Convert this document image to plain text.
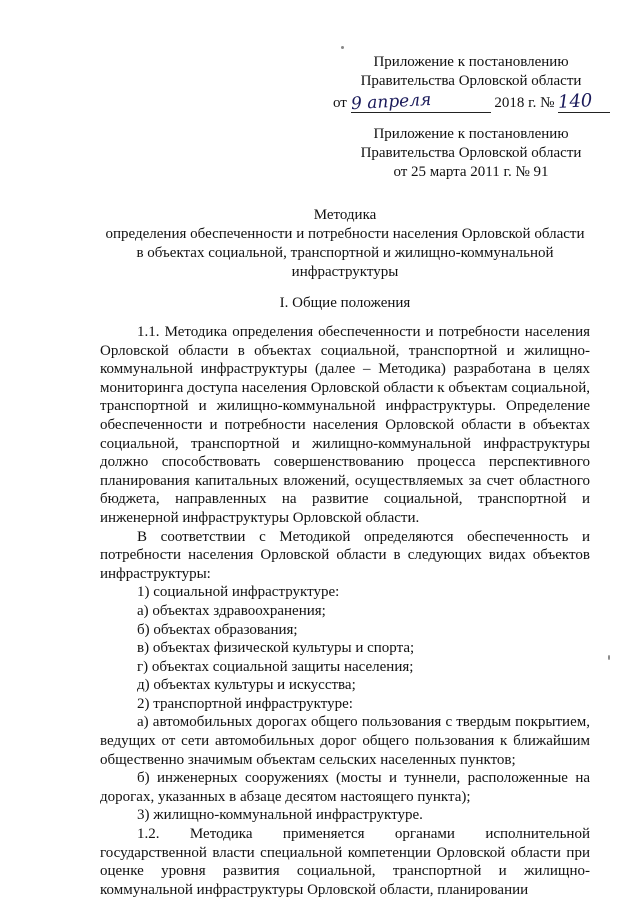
Приложение к постановлению
Правительства Орловской области
от 9 апреля	2018 г. № 140
Приложение к постановлению
Правительства Орловской области
от 25 марта 2011 г. № 91
Методика
определения обеспеченности и потребности населения Орловской области
в объектах социальной, транспортной и жилищно-коммунальной
инфраструктуры
I. Общие положения

1.1. Методика определения обеспеченности и потребности населения Орловской области в объектах социальной, транспортной и жилищно-коммунальной инфраструктуры (далее – Методика) разработана в целях мониторинга доступа населения Орловской области к объектам социальной, транспортной и жилищно-коммунальной инфраструктуры. Определение обеспеченности и потребности населения Орловской области в объектах социальной, транспортной и жилищно-коммунальной инфраструктуры должно способствовать совершенствованию процесса перспективного планирования капитальных вложений, осуществляемых за счет областного бюджета, направленных на развитие социальной, транспортной и инженерной инфраструктуры Орловской области.

В соответствии с Методикой определяются обеспеченность и потребности населения Орловской области в следующих видах объектов инфраструктуры:

1) социальной инфраструктуре:

а) объектах здравоохранения;

б) объектах образования;

в) объектах физической культуры и спорта;

г) объектах социальной защиты населения;

д) объектах культуры и искусства;

2) транспортной инфраструктуре:

а) автомобильных дорогах общего пользования с твердым покрытием, ведущих от сети автомобильных дорог общего пользования к ближайшим общественно значимым объектам сельских населенных пунктов;

б) инженерных сооружениях (мосты и туннели, расположенные на дорогах, указанных в абзаце десятом настоящего пункта);

3) жилищно-коммунальной инфраструктуре.

1.2. Методика применяется органами исполнительной государственной власти специальной компетенции Орловской области при оценке уровня развития социальной, транспортной и жилищно-коммунальной инфраструктуры Орловской области, планировании
